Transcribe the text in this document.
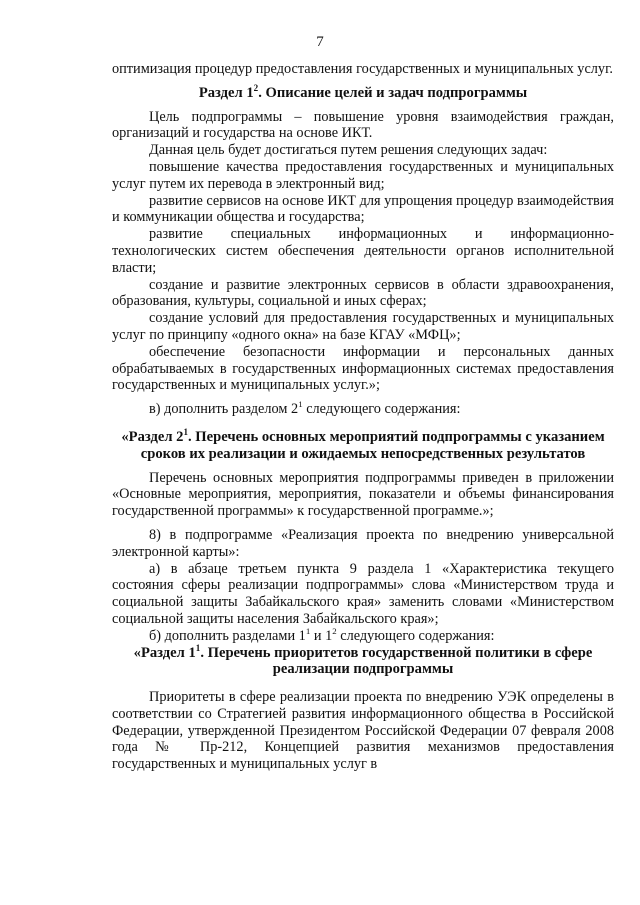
7

оптимизация процедур предоставления государственных и муниципальных услуг.

Раздел $1^2$. Описание целей и задач подпрограммы

Цель подпрограммы – повышение уровня взаимодействия граждан, организаций и государства на основе ИКТ.

Данная цель будет достигаться путем решения следующих задач:

повышение качества предоставления государственных и муниципальных услуг путем их перевода в электронный вид;

развитие сервисов на основе ИКТ для упрощения процедур взаимодействия и коммуникации общества и государства;

развитие специальных информационных и информационно-технологических систем обеспечения деятельности органов исполнительной власти;

создание и развитие электронных сервисов в области здравоохранения, образования, культуры, социальной и иных сферах;

создание условий для предоставления государственных и муниципальных услуг по принципу «одного окна» на базе КГАУ «МФЦ»;

обеспечение безопасности информации и персональных данных обрабатываемых в государственных информационных системах предоставления государственных и муниципальных услуг.»;

в) дополнить разделом $2^1$ следующего содержания:

«Раздел $2^1$. Перечень основных мероприятий подпрограммы с указанием сроков их реализации и ожидаемых непосредственных результатов

Перечень основных мероприятия подпрограммы приведен в приложении «Основные мероприятия, мероприятия, показатели и объемы финансирования государственной программы» к государственной программе.»;

8) в подпрограмме «Реализация проекта по внедрению универсальной электронной карты»:

а) в абзаце третьем пункта 9 раздела 1 «Характеристика текущего состояния сферы реализации подпрограммы» слова «Министерством труда и социальной защиты Забайкальского края» заменить словами «Министерством социальной защиты населения Забайкальского края»;

б) дополнить разделами $1^1$ и $1^2$ следующего содержания:

«Раздел $1^1$. Перечень приоритетов государственной политики в сфере реализации подпрограммы

Приоритеты в сфере реализации проекта по внедрению УЭК определены в соответствии со Стратегией развития информационного общества в Российской Федерации, утвержденной Президентом Российской Федерации 07 февраля 2008 года № Пр-212, Концепцией развития механизмов предоставления государственных и муниципальных услуг в
